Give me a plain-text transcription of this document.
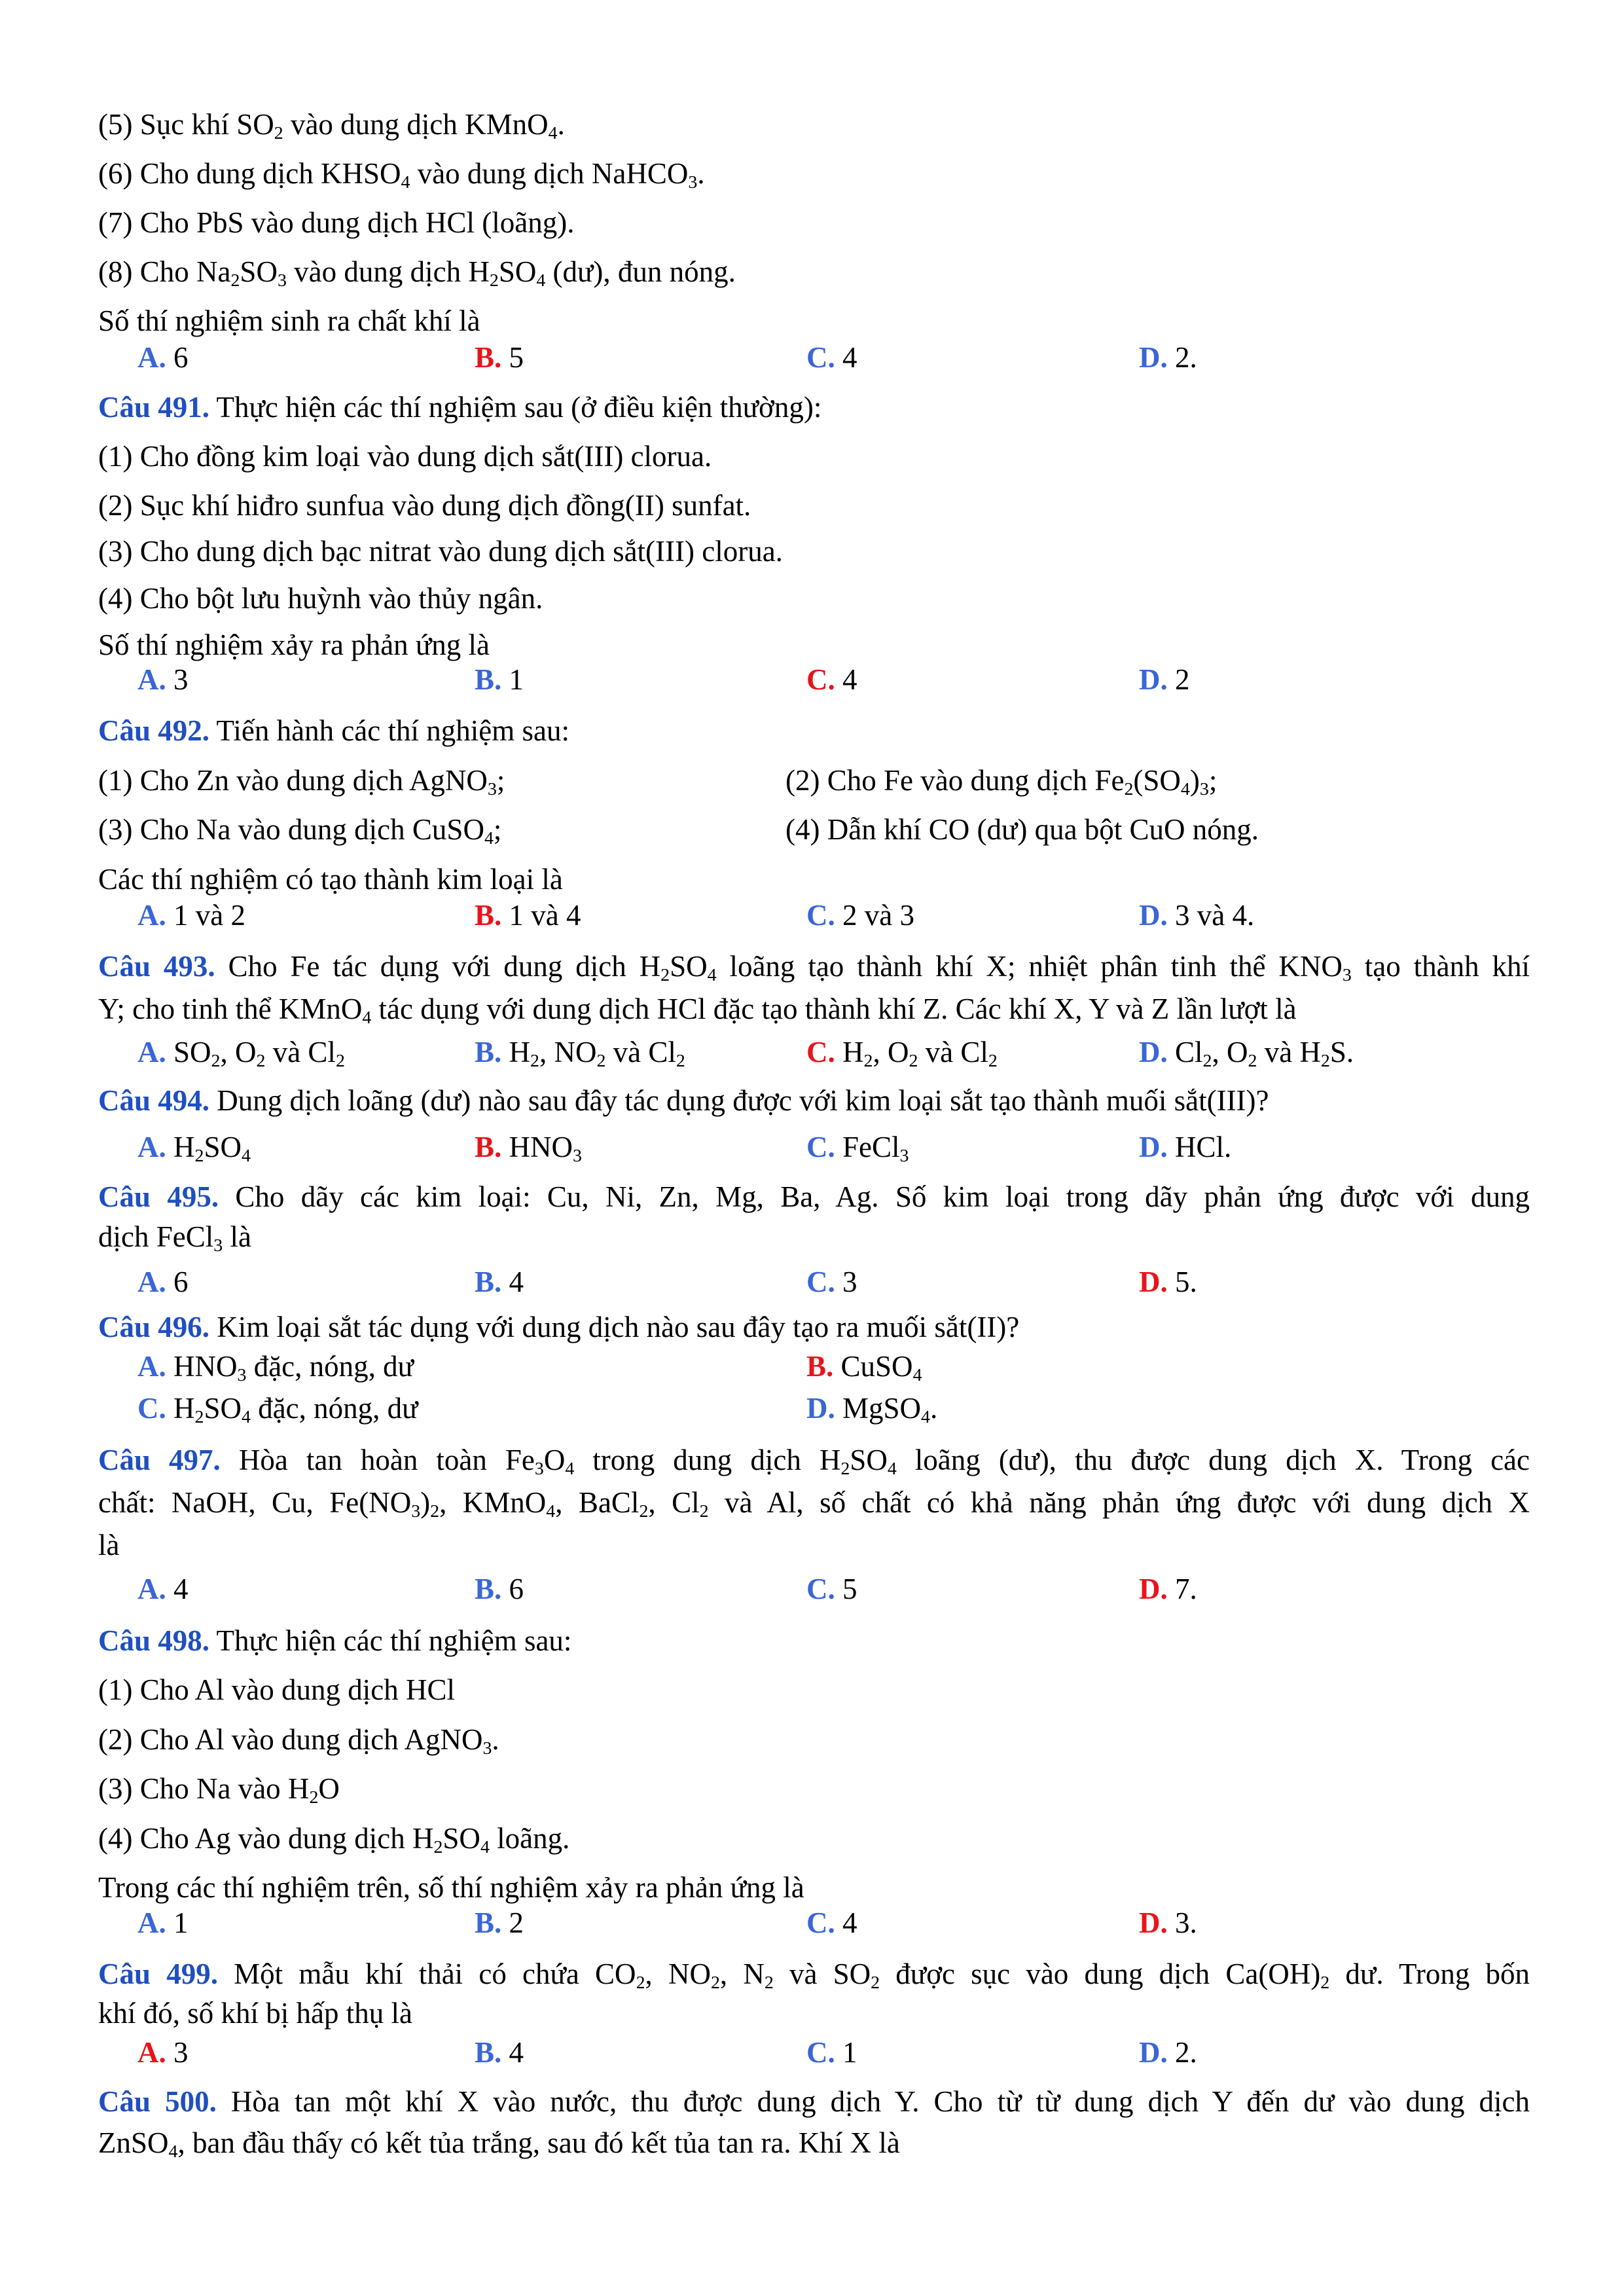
(5) Sục khí $SO_2$ vào dung dịch KMnO$_4$.
(6) Cho dung dịch $KHSO_4$ vào dung dịch NaHCO$_3$.
(7) Cho PbS vào dung dịch HCl (loãng).
(8) Cho $Na_2SO_3$ vào dung dịch $H_2SO_4$ (dư), đun nóng.
Số thí nghiệm sinh ra chất khí là
A. 6	B. 5	C. 4	D. 2.
Câu 491. Thực hiện các thí nghiệm sau (ở điều kiện thường):
(1) Cho đồng kim loại vào dung dịch sắt(III) clorua.
(2) Sục khí hiđro sunfua vào dung dịch đồng(II) sunfat.
(3) Cho dung dịch bạc nitrat vào dung dịch sắt(III) clorua.
(4) Cho bột lưu huỳnh vào thủy ngân.
Số thí nghiệm xảy ra phản ứng là
A. 3	B. 1	C. 4	D. 2
Câu 492. Tiến hành các thí nghiệm sau:
(1) Cho Zn vào dung dịch AgNO$_3$;	(2) Cho Fe vào dung dịch $Fe_2(SO_4)_3$;
(3) Cho Na vào dung dịch CuSO$_4$;	(4) Dẫn khí CO (dư) qua bột CuO nóng.
Các thí nghiệm có tạo thành kim loại là
A. 1 và 2	B. 1 và 4	C. 2 và 3	D. 3 và 4.
Câu 493. Cho Fe tác dụng với dung dịch $H_2SO_4$ loãng tạo thành khí X; nhiệt phân tinh thể $KNO_3$ tạo thành khí
Y; cho tinh thể KMnO$_4$ tác dụng với dung dịch HCl đặc tạo thành khí Z. Các khí X, Y và Z lần lượt là
A. $SO_2$, $O_2$ và $Cl_2$	B. $H_2$, $NO_2$ và $Cl_2$	C. $H_2$, $O_2$ và $Cl_2$	D. $Cl_2$, $O_2$ và $H_2S$.
Câu 494. Dung dịch loãng (dư) nào sau đây tác dụng được với kim loại sắt tạo thành muối sắt(III)?
A. $H_2SO_4$	B. $HNO_3$	C. FeCl$_3$	D. HCl.
Câu 495. Cho dãy các kim loại: Cu, Ni, Zn, Mg, Ba, Ag. Số kim loại trong dãy phản ứng được với dung
dịch FeCl$_3$ là
A. 6	B. 4	C. 3	D. 5.
Câu 496. Kim loại sắt tác dụng với dung dịch nào sau đây tạo ra muối sắt(II)?
A. $HNO_3$ đặc, nóng, dư	B. CuSO$_4$
C. $H_2SO_4$ đặc, nóng, dư	D. MgSO$_4$.
Câu 497. Hòa tan hoàn toàn $Fe_3O_4$ trong dung dịch $H_2SO_4$ loãng (dư), thu được dung dịch X. Trong các
chất: NaOH, Cu, $Fe(NO_3)_2$, KMnO$_4$, BaCl$_2$, $Cl_2$ và Al, số chất có khả năng phản ứng được với dung dịch X
là
A. 4	B. 6	C. 5	D. 7.
Câu 498. Thực hiện các thí nghiệm sau:
(1) Cho Al vào dung dịch HCl
(2) Cho Al vào dung dịch AgNO$_3$.
(3) Cho Na vào $H_2O$
(4) Cho Ag vào dung dịch $H_2SO_4$ loãng.
Trong các thí nghiệm trên, số thí nghiệm xảy ra phản ứng là
A. 1	B. 2	C. 4	D. 3.
Câu 499. Một mẫu khí thải có chứa $CO_2$, $NO_2$, $N_2$ và $SO_2$ được sục vào dung dịch $Ca(OH)_2$ dư. Trong bốn
khí đó, số khí bị hấp thụ là
A. 3	B. 4	C. 1	D. 2.
Câu 500. Hòa tan một khí X vào nước, thu được dung dịch Y. Cho từ từ dung dịch Y đến dư vào dung dịch
ZnSO$_4$, ban đầu thấy có kết tủa trắng, sau đó kết tủa tan ra. Khí X là
